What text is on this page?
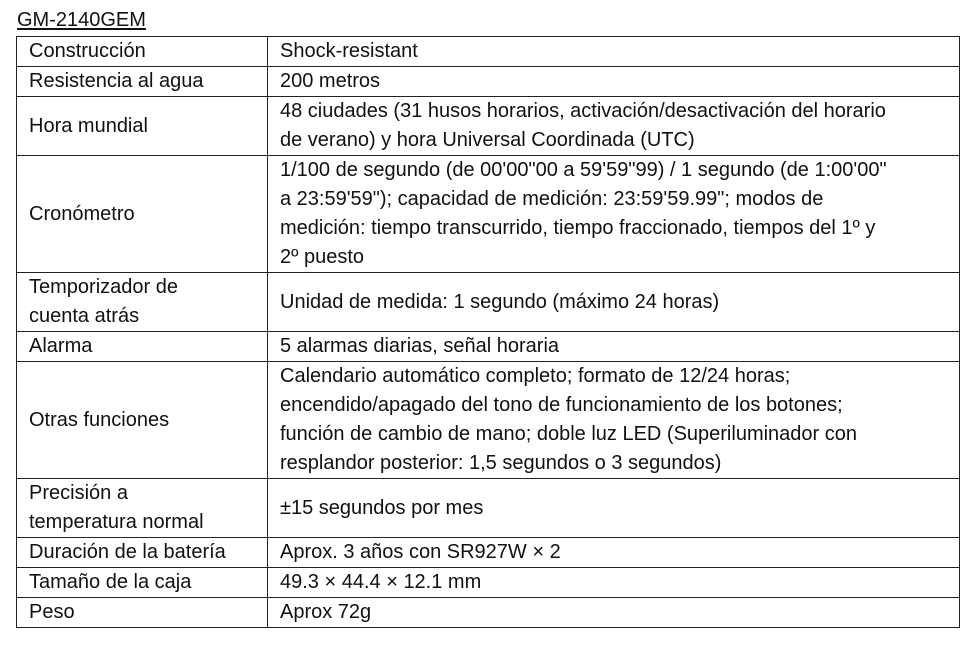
GM-2140GEM
Construcción	Shock-resistant

Resistencia al agua	200 metros

Hora mundial	48 ciudades (31 husos horarios, activación/desactivación del horario
de verano) y hora Universal Coordinada (UTC)

Cronómetro	1/100 de segundo (de 00'00"00 a 59'59"99) / 1 segundo (de 1:00'00"
a 23:59'59"); capacidad de medición: 23:59'59.99"; modos de
medición: tiempo transcurrido, tiempo fraccionado, tiempos del 1º y
2º puesto

Temporizador de
cuenta atrás	Unidad de medida: 1 segundo (máximo 24 horas)

Alarma	5 alarmas diarias, señal horaria

Otras funciones	Calendario automático completo; formato de 12/24 horas;
encendido/apagado del tono de funcionamiento de los botones;
función de cambio de mano; doble luz LED (Superiluminador con
resplandor posterior: 1,5 segundos o 3 segundos)

Precisión a
temperatura normal	±15 segundos por mes

Duración de la batería	Aprox. 3 años con SR927W × 2

Tamaño de la caja	49.3 × 44.4 × 12.1 mm

Peso	Aprox 72g
